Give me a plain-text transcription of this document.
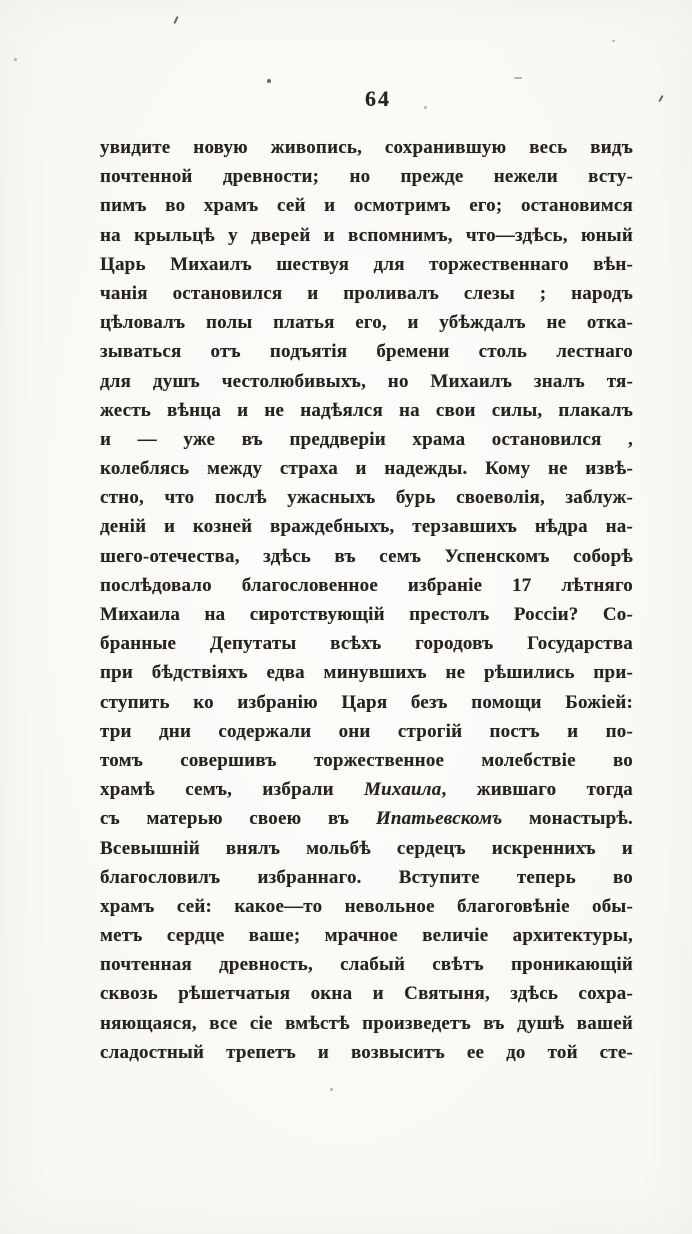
64
увидите новую живопись, сохранившую весь видъ
почтенной древности; но прежде нежели всту-
пимъ во храмъ сей и осмотримъ его; остановимся
на крыльцѣ у дверей и вспомнимъ, что—здѣсь, юный
Царь Михаилъ шествуя для торжественнаго вѣн-
чанія остановился и проливалъ слезы ; народъ
цѣловалъ полы платья его, и убѣждалъ не отка-
зываться отъ подъятія бремени столь лестнаго
для душъ честолюбивыхъ, но Михаилъ зналъ тя-
жесть вѣнца и не надѣялся на свои силы, плакалъ
и — уже въ преддверіи храма остановился ,
колеблясь между страха и надежды. Кому не извѣ-
стно, что послѣ ужасныхъ бурь своеволія, заблуж-
деній и козней враждебныхъ, терзавшихъ нѣдра на-
шего-отечества, здѣсь въ семъ Успенскомъ соборѣ
послѣдовало благословенное избраніе 17 лѣтняго
Михаила на сиротствующій престолъ Россіи? Со-
бранные Депутаты всѣхъ городовъ Государства
при бѣдствіяхъ едва минувшихъ не рѣшились при-
ступить ко избранію Царя безъ помощи Божіей:
три дни содержали они строгій постъ и по-
томъ совершивъ торжественное молебствіе во
храмѣ семъ, избрали Михаила, жившаго тогда
съ матерью своею въ Ипатьевскомъ монастырѣ.
Всевышній внялъ мольбѣ сердецъ искреннихъ и
благословилъ избраннаго. Вступите теперь во
храмъ сей: какое—то невольное благоговѣніе обы-
метъ сердце ваше; мрачное величіе архитектуры,
почтенная древность, слабый свѣтъ проникающій
сквозь рѣшетчатыя окна и Святыня, здѣсь сохра-
няющаяся, все сіе вмѣстѣ произведетъ въ душѣ вашей
сладостный трепетъ и возвыситъ ее до той сте-
